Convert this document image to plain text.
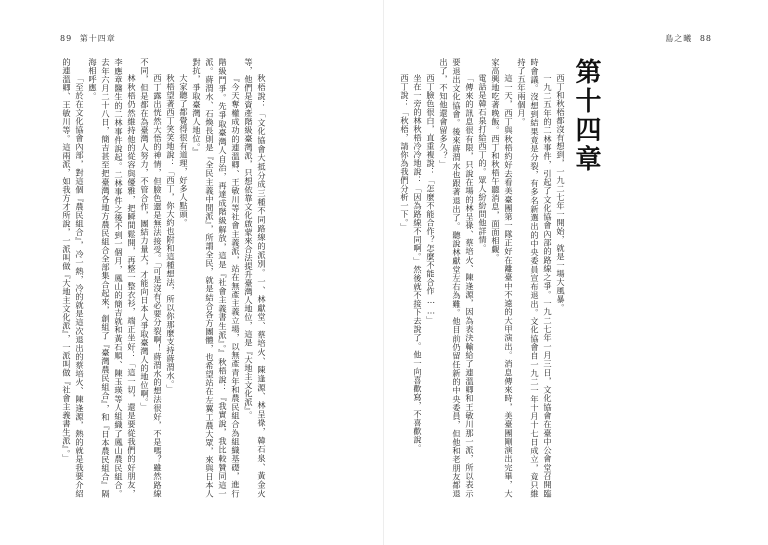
89 第十四章	島之曦 88
第十四章

西丁和秋梧都沒有想到，一九二七年一開始，就是一場大風暴。

一九二五年的二林事件，引起了文化協會內部的路線之爭。一九二七年一月三日，文化協會在臺中公會堂召開臨時會議。沒想到結果竟是分裂，有多名新選出的中央委員宣布退出。文化協會自一九二一年十月十七日成立，竟只維持了五年兩個月。

這一天，西丁與秋梧約好去看美臺團第一隊正好在離臺中不遠的大甲演出。消息傳來時，美臺團剛演出完畢，大家高興地吃著晚飯。西丁和秋梧午聽消息，面面相覷。

電話是韓石泉打給西丁的。眾人紛紛問他詳情。

「傳來的訊息很有限，只說在場的林呈祿、蔡培火、陳逢源，因為表決輸給了連溫卿和王敏川那一派，所以表示要退出文化協會。後來蔣渭水也跟著退出了。聽說林獻堂左右為難。他目前仍留任新的中央委員，但他和老朋友都退出了，不知他還會留多久？」

西丁臉色很白，直重複說：「怎麼不能合作？怎麼不能合作……」

坐在一旁的林秋梧冷冷地說：「因為路線不同啊。」然後就不接下去說了。他一向喜歡寫，不喜歡說。

西丁說：「秋梧，請你為我們分析一下。」

秋梧說：「文化協會大抵分成三種不同路線的派別。一、林獻堂、蔡培火、陳逢源、林呈祿，韓石泉、黃金火等，他們是資產階級臺灣派，只想依靠文化啟蒙來合法提升臺灣人地位，這是『大地主文化派』。

『今天奪權成功的連溫卿、王敏川等社會主義派，站在無產主義立場，以無產青年和農民組合為組織基礎，進行階級鬥爭。先爭取臺灣人自治，再達成階級解放，這是『社會主義書生派』。』秋梧說：『我實說，我比較贊同這一派。蔣渭水、石煥長則是『全民主義中間派』，所謂全民，就是結合各方團體，也希望站在左翼工農大眾，來與日本人對抗，爭取臺灣人地位。』

大家聽了都覺得很有道理，好多人點頭。

秋梧望著西丁笑笑地說：「西丁，你大約也附和這種想法，所以你那麼支持蔣渭水。」

西丁露出恍然大悟的神情，但臉色還是無法接受。「可是沒有必要分裂啊！蔣渭水的想法很好，不是嗎？雖然路線不同，但是都在為臺灣人努力，不管合作，團結力量大，才能向日本人爭取臺灣人的地位啊。」

林秋梧仍然維持他的從容與優雅，把瞬間鬆開，再整一整衣衫，端正坐好：「這一切，還是要從我們的好朋友，李應章醫生的二林事件說起。二林事件之後不到一個月，鳳山的簡吉就和黃石順、陳玉瑛等人組織了鳳山農民組合。去年六月二十八日，簡吉甚至把臺灣各地方農民組合全部集合起來，創組了『臺灣農民組合』，和『日本農民組合』隔海相呼應。

「至於在文化協會內部，對這個『農民組合』，冷一熱，冷的就是這次退出的蔡培火、陳逢源，熱的就是我要介紹的連溫卿、王敏川等。這兩派，如我方才所說，一派叫做『大地主文化派』，一派叫做『社會主義書生派』。」
